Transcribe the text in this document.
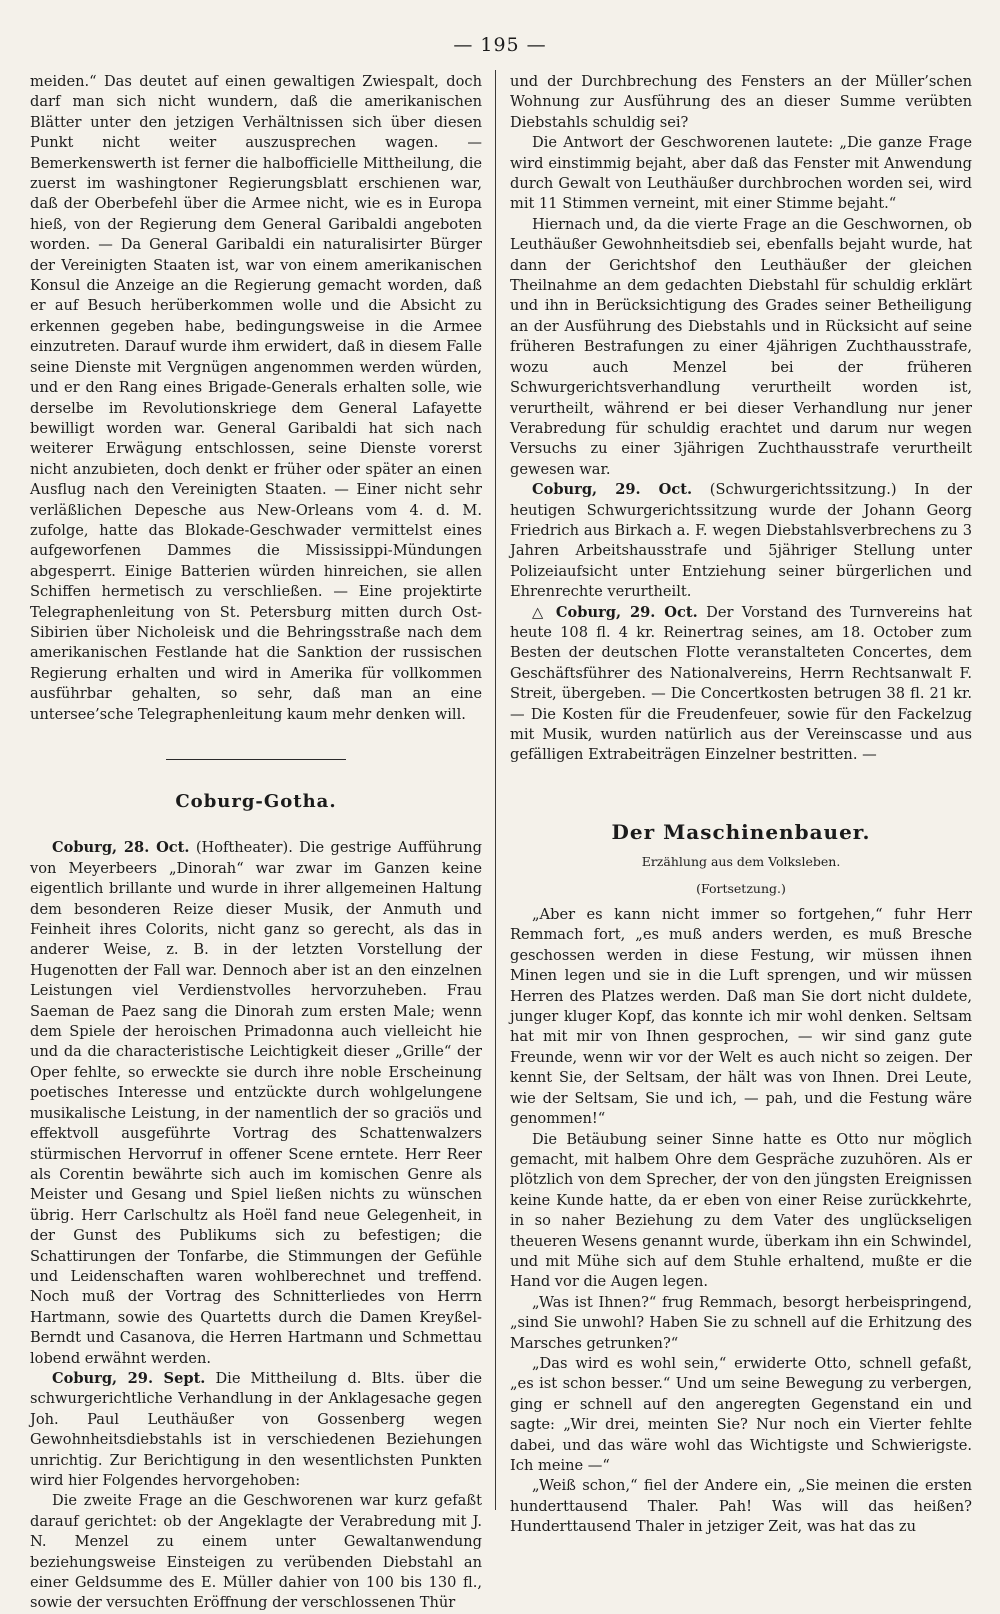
— 195 —

meiden.“ Das deutet auf einen gewaltigen Zwiespalt, doch darf man sich nicht wundern, daß die amerikanischen Blätter unter den jetzigen Verhältnissen sich über diesen Punkt nicht weiter auszusprechen wagen. — Bemerkenswerth ist ferner die halbofficielle Mittheilung, die zuerst im washingtoner Regierungsblatt erschienen war, daß der Oberbefehl über die Armee nicht, wie es in Europa hieß, von der Regierung dem General Garibaldi angeboten worden. — Da General Garibaldi ein naturalisirter Bürger der Vereinigten Staaten ist, war von einem amerikanischen Konsul die Anzeige an die Regierung gemacht worden, daß er auf Besuch herüberkommen wolle und die Absicht zu erkennen gegeben habe, bedingungsweise in die Armee einzutreten. Darauf wurde ihm erwidert, daß in diesem Falle seine Dienste mit Vergnügen angenommen werden würden, und er den Rang eines Brigade-Generals erhalten solle, wie derselbe im Revolutionskriege dem General Lafayette bewilligt worden war. General Garibaldi hat sich nach weiterer Erwägung entschlossen, seine Dienste vorerst nicht anzubieten, doch denkt er früher oder später an einen Ausflug nach den Vereinigten Staaten. — Einer nicht sehr verläßlichen Depesche aus New-Orleans vom 4. d. M. zufolge, hatte das Blokade-Geschwader vermittelst eines aufgeworfenen Dammes die Mississippi-Mündungen abgesperrt. Einige Batterien würden hinreichen, sie allen Schiffen hermetisch zu verschließen. — Eine projektirte Telegraphenleitung von St. Petersburg mitten durch Ost-Sibirien über Nicholeisk und die Behringsstraße nach dem amerikanischen Festlande hat die Sanktion der russischen Regierung erhalten und wird in Amerika für vollkommen ausführbar gehalten, so sehr, daß man an eine untersee’sche Telegraphenleitung kaum mehr denken will.

Coburg-Gotha.

Coburg, 28. Oct. (Hoftheater). Die gestrige Aufführung von Meyerbeers „Dinorah“ war zwar im Ganzen keine eigentlich brillante und wurde in ihrer allgemeinen Haltung dem besonderen Reize dieser Musik, der Anmuth und Feinheit ihres Colorits, nicht ganz so gerecht, als das in anderer Weise, z. B. in der letzten Vorstellung der Hugenotten der Fall war. Dennoch aber ist an den einzelnen Leistungen viel Verdienstvolles hervorzuheben. Frau Saeman de Paez sang die Dinorah zum ersten Male; wenn dem Spiele der heroischen Primadonna auch vielleicht hie und da die characteristische Leichtigkeit dieser „Grille“ der Oper fehlte, so erweckte sie durch ihre noble Erscheinung poetisches Interesse und entzückte durch wohlgelungene musikalische Leistung, in der namentlich der so graciös und effektvoll ausgeführte Vortrag des Schattenwalzers stürmischen Hervorruf in offener Scene erntete. Herr Reer als Corentin bewährte sich auch im komischen Genre als Meister und Gesang und Spiel ließen nichts zu wünschen übrig. Herr Carlschultz als Hoël fand neue Gelegenheit, in der Gunst des Publikums sich zu befestigen; die Schattirungen der Tonfarbe, die Stimmungen der Gefühle und Leidenschaften waren wohlberechnet und treffend. Noch muß der Vortrag des Schnitterliedes von Herrn Hartmann, sowie des Quartetts durch die Damen Kreyßel-Berndt und Casanova, die Herren Hartmann und Schmettau lobend erwähnt werden.

Coburg, 29. Sept. Die Mittheilung d. Blts. über die schwurgerichtliche Verhandlung in der Anklagesache gegen Joh. Paul Leuthäußer von Gossenberg wegen Gewohnheitsdiebstahls ist in verschiedenen Beziehungen unrichtig. Zur Berichtigung in den wesentlichsten Punkten wird hier Folgendes hervorgehoben:

Die zweite Frage an die Geschworenen war kurz gefaßt darauf gerichtet: ob der Angeklagte der Verabredung mit J. N. Menzel zu einem unter Gewaltanwendung beziehungsweise Einsteigen zu verübenden Diebstahl an einer Geldsumme des E. Müller dahier von 100 bis 130 fl., sowie der versuchten Eröffnung der verschlossenen Thür

und der Durchbrechung des Fensters an der Müller’schen Wohnung zur Ausführung des an dieser Summe verübten Diebstahls schuldig sei?

Die Antwort der Geschworenen lautete: „Die ganze Frage wird einstimmig bejaht, aber daß das Fenster mit Anwendung durch Gewalt von Leuthäußer durchbrochen worden sei, wird mit 11 Stimmen verneint, mit einer Stimme bejaht.“

Hiernach und, da die vierte Frage an die Geschwornen, ob Leuthäußer Gewohnheitsdieb sei, ebenfalls bejaht wurde, hat dann der Gerichtshof den Leuthäußer der gleichen Theilnahme an dem gedachten Diebstahl für schuldig erklärt und ihn in Berücksichtigung des Grades seiner Betheiligung an der Ausführung des Diebstahls und in Rücksicht auf seine früheren Bestrafungen zu einer 4jährigen Zuchthausstrafe, wozu auch Menzel bei der früheren Schwurgerichtsverhandlung verurtheilt worden ist, verurtheilt, während er bei dieser Verhandlung nur jener Verabredung für schuldig erachtet und darum nur wegen Versuchs zu einer 3jährigen Zuchthausstrafe verurtheilt gewesen war.

Coburg, 29. Oct. (Schwurgerichtssitzung.) In der heutigen Schwurgerichtssitzung wurde der Johann Georg Friedrich aus Birkach a. F. wegen Diebstahlsverbrechens zu 3 Jahren Arbeitshausstrafe und 5jähriger Stellung unter Polizeiaufsicht unter Entziehung seiner bürgerlichen und Ehrenrechte verurtheilt.

△ Coburg, 29. Oct. Der Vorstand des Turnvereins hat heute 108 fl. 4 kr. Reinertrag seines, am 18. October zum Besten der deutschen Flotte veranstalteten Concertes, dem Geschäftsführer des Nationalvereins, Herrn Rechtsanwalt F. Streit, übergeben. — Die Concertkosten betrugen 38 fl. 21 kr. — Die Kosten für die Freudenfeuer, sowie für den Fackelzug mit Musik, wurden natürlich aus der Vereinscasse und aus gefälligen Extrabeiträgen Einzelner bestritten. —

Der Maschinenbauer.
Erzählung aus dem Volksleben.
(Fortsetzung.)

„Aber es kann nicht immer so fortgehen,“ fuhr Herr Remmach fort, „es muß anders werden, es muß Bresche geschossen werden in diese Festung, wir müssen ihnen Minen legen und sie in die Luft sprengen, und wir müssen Herren des Platzes werden. Daß man Sie dort nicht duldete, junger kluger Kopf, das konnte ich mir wohl denken. Seltsam hat mit mir von Ihnen gesprochen, — wir sind ganz gute Freunde, wenn wir vor der Welt es auch nicht so zeigen. Der kennt Sie, der Seltsam, der hält was von Ihnen. Drei Leute, wie der Seltsam, Sie und ich, — pah, und die Festung wäre genommen!“

Die Betäubung seiner Sinne hatte es Otto nur möglich gemacht, mit halbem Ohre dem Gespräche zuzuhören. Als er plötzlich von dem Sprecher, der von den jüngsten Ereignissen keine Kunde hatte, da er eben von einer Reise zurückkehrte, in so naher Beziehung zu dem Vater des unglückseligen theueren Wesens genannt wurde, überkam ihn ein Schwindel, und mit Mühe sich auf dem Stuhle erhaltend, mußte er die Hand vor die Augen legen.

„Was ist Ihnen?“ frug Remmach, besorgt herbeispringend, „sind Sie unwohl? Haben Sie zu schnell auf die Erhitzung des Marsches getrunken?“

„Das wird es wohl sein,“ erwiderte Otto, schnell gefaßt, „es ist schon besser.“ Und um seine Bewegung zu verbergen, ging er schnell auf den angeregten Gegenstand ein und sagte: „Wir drei, meinten Sie? Nur noch ein Vierter fehlte dabei, und das wäre wohl das Wichtigste und Schwierigste. Ich meine —“

„Weiß schon,“ fiel der Andere ein, „Sie meinen die ersten hunderttausend Thaler. Pah! Was will das heißen? Hunderttausend Thaler in jetziger Zeit, was hat das zu
